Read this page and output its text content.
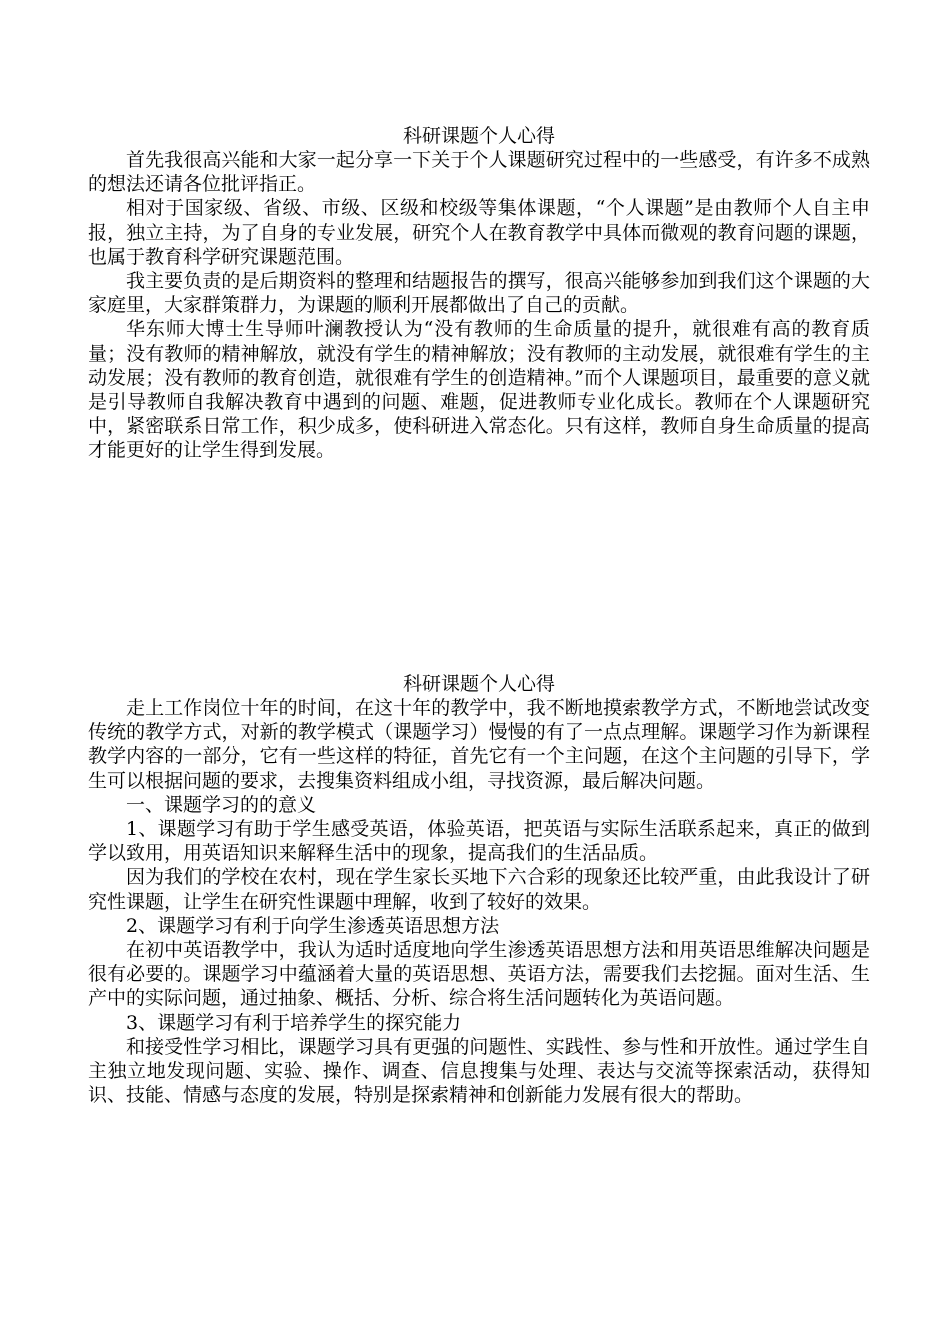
科研课题个人心得

首先我很高兴能和大家一起分享一下关于个人课题研究过程中的一些感受，有许多不成熟的想法还请各位批评指正。

相对于国家级、省级、市级、区级和校级等集体课题，“个人课题”是由教师个人自主申报，独立主持，为了自身的专业发展，研究个人在教育教学中具体而微观的教育问题的课题，也属于教育科学研究课题范围。

我主要负责的是后期资料的整理和结题报告的撰写，很高兴能够参加到我们这个课题的大家庭里，大家群策群力，为课题的顺利开展都做出了自己的贡献。

华东师大博士生导师叶澜教授认为“没有教师的生命质量的提升，就很难有高的教育质量；没有教师的精神解放，就没有学生的精神解放；没有教师的主动发展，就很难有学生的主动发展；没有教师的教育创造，就很难有学生的创造精神。”而个人课题项目，最重要的意义就是引导教师自我解决教育中遇到的问题、难题，促进教师专业化成长。教师在个人课题研究中，紧密联系日常工作，积少成多，使科研进入常态化。只有这样，教师自身生命质量的提高才能更好的让学生得到发展。

科研课题个人心得

走上工作岗位十年的时间，在这十年的教学中，我不断地摸索教学方式，不断地尝试改变传统的教学方式，对新的教学模式（课题学习）慢慢的有了一点点理解。课题学习作为新课程教学内容的一部分，它有一些这样的特征，首先它有一个主问题，在这个主问题的引导下，学生可以根据问题的要求，去搜集资料组成小组，寻找资源，最后解决问题。

一、课题学习的的意义

1、课题学习有助于学生感受英语，体验英语，把英语与实际生活联系起来，真正的做到学以致用，用英语知识来解释生活中的现象，提高我们的生活品质。

因为我们的学校在农村，现在学生家长买地下六合彩的现象还比较严重，由此我设计了研究性课题，让学生在研究性课题中理解，收到了较好的效果。

2、课题学习有利于向学生渗透英语思想方法

在初中英语教学中，我认为适时适度地向学生渗透英语思想方法和用英语思维解决问题是很有必要的。课题学习中蕴涵着大量的英语思想、英语方法，需要我们去挖掘。面对生活、生产中的实际问题，通过抽象、概括、分析、综合将生活问题转化为英语问题。

3、课题学习有利于培养学生的探究能力

和接受性学习相比，课题学习具有更强的问题性、实践性、参与性和开放性。通过学生自主独立地发现问题、实验、操作、调查、信息搜集与处理、表达与交流等探索活动，获得知识、技能、情感与态度的发展，特别是探索精神和创新能力发展有很大的帮助。
